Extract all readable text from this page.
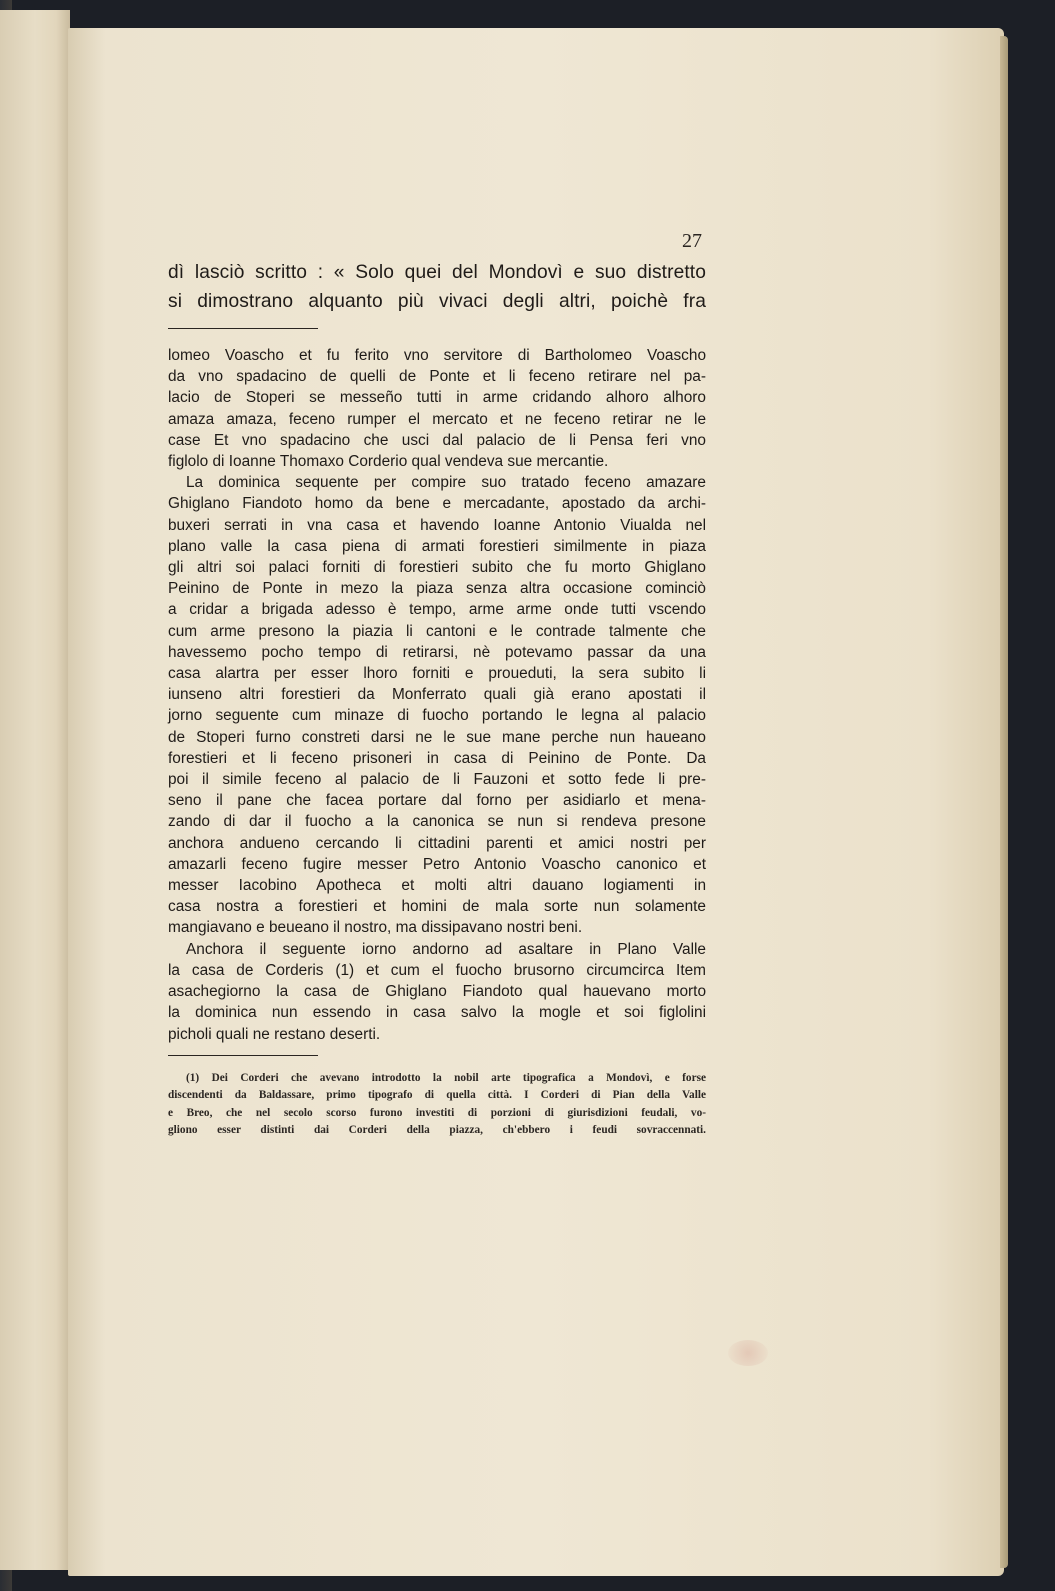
27
dì lasciò scritto : « Solo quei del Mondovì e suo distretto
si dimostrano alquanto più vivaci degli altri, poichè fra
lomeo Voascho et fu ferito vno servitore di Bartholomeo Voascho
da vno spadacino de quelli de Ponte et li feceno retirare nel pa-
lacio de Stoperi se messeño tutti in arme cridando alhoro alhoro
amaza amaza, feceno rumper el mercato et ne feceno retirar ne le
case Et vno spadacino che usci dal palacio de li Pensa feri vno
figlolo di Ioanne Thomaxo Corderio qual vendeva sue mercantie.
La dominica sequente per compire suo tratado feceno amazare
Ghiglano Fiandoto homo da bene e mercadante, apostado da archi-
buxeri serrati in vna casa et havendo Ioanne Antonio Viualda nel
plano valle la casa piena di armati forestieri similmente in piaza
gli altri soi palaci forniti di forestieri subito che fu morto Ghiglano
Peinino de Ponte in mezo la piaza senza altra occasione cominciò
a cridar a brigada adesso è tempo, arme arme onde tutti vscendo
cum arme presono la piazia li cantoni e le contrade talmente che
havessemo pocho tempo di retirarsi, nè potevamo passar da una
casa alartra per esser lhoro forniti e proueduti, la sera subito li
iunseno altri forestieri da Monferrato quali già erano apostati il
jorno seguente cum minaze di fuocho portando le legna al palacio
de Stoperi furno constreti darsi ne le sue mane perche nun haueano
forestieri et li feceno prisoneri in casa di Peinino de Ponte. Da
poi il simile feceno al palacio de li Fauzoni et sotto fede li pre-
seno il pane che facea portare dal forno per asidiarlo et mena-
zando di dar il fuocho a la canonica se nun si rendeva presone
anchora andueno cercando li cittadini parenti et amici nostri per
amazarli feceno fugire messer Petro Antonio Voascho canonico et
messer Iacobino Apotheca et molti altri dauano logiamenti in
casa nostra a forestieri et homini de mala sorte nun solamente
mangiavano e beueano il nostro, ma dissipavano nostri beni.
Anchora il seguente iorno andorno ad asaltare in Plano Valle
la casa de Corderis (1) et cum el fuocho brusorno circumcirca Item
asachegiorno la casa de Ghiglano Fiandoto qual hauevano morto
la dominica nun essendo in casa salvo la mogle et soi figlolini
picholi quali ne restano deserti.
(1) Dei Corderi che avevano introdotto la nobil arte tipografica a Mondovì, e forse
discendenti da Baldassare, primo tipografo di quella città. I Corderi di Pian della Valle
e Breo, che nel secolo scorso furono investiti di porzioni di giurisdizioni feudali, vo-
gliono esser distinti dai Corderi della piazza, ch'ebbero i feudi sovraccennati.
